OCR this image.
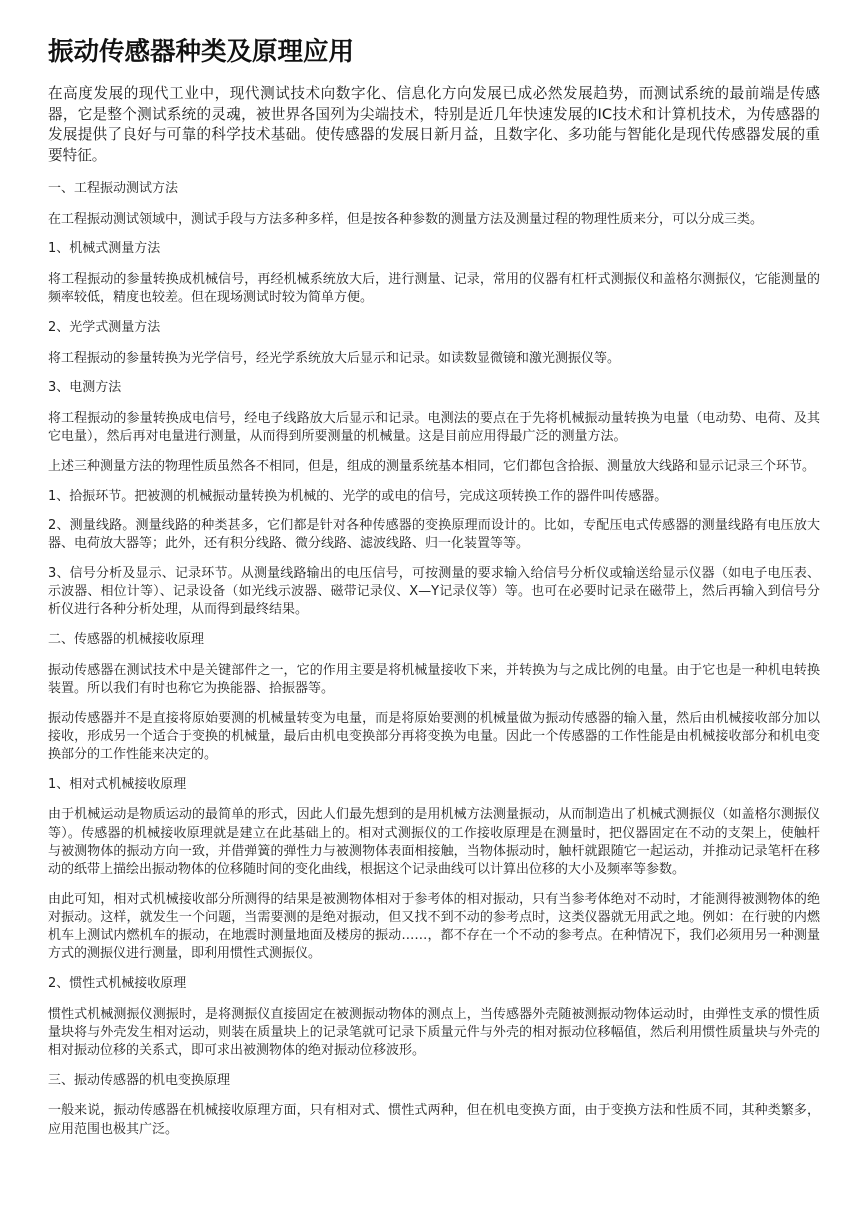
振动传感器种类及原理应用

在高度发展的现代工业中，现代测试技术向数字化、信息化方向发展已成必然发展趋势，而测试系统的最前端是传感器，它是整个测试系统的灵魂，被世界各国列为尖端技术，特别是近几年快速发展的IC技术和计算机技术，为传感器的发展提供了良好与可靠的科学技术基础。使传感器的发展日新月益，且数字化、多功能与智能化是现代传感器发展的重要特征。

一、工程振动测试方法

在工程振动测试领域中，测试手段与方法多种多样，但是按各种参数的测量方法及测量过程的物理性质来分，可以分成三类。

1、机械式测量方法

将工程振动的参量转换成机械信号，再经机械系统放大后，进行测量、记录，常用的仪器有杠杆式测振仪和盖格尔测振仪，它能测量的频率较低，精度也较差。但在现场测试时较为简单方便。

2、光学式测量方法

将工程振动的参量转换为光学信号，经光学系统放大后显示和记录。如读数显微镜和激光测振仪等。

3、电测方法

将工程振动的参量转换成电信号，经电子线路放大后显示和记录。电测法的要点在于先将机械振动量转换为电量（电动势、电荷、及其它电量），然后再对电量进行测量，从而得到所要测量的机械量。这是目前应用得最广泛的测量方法。

上述三种测量方法的物理性质虽然各不相同，但是，组成的测量系统基本相同，它们都包含拾振、测量放大线路和显示记录三个环节。

1、拾振环节。把被测的机械振动量转换为机械的、光学的或电的信号，完成这项转换工作的器件叫传感器。

2、测量线路。测量线路的种类甚多，它们都是针对各种传感器的变换原理而设计的。比如，专配压电式传感器的测量线路有电压放大器、电荷放大器等；此外，还有积分线路、微分线路、滤波线路、归一化装置等等。

3、信号分析及显示、记录环节。从测量线路输出的电压信号，可按测量的要求输入给信号分析仪或输送给显示仪器（如电子电压表、示波器、相位计等）、记录设备（如光线示波器、磁带记录仪、X—Y记录仪等）等。也可在必要时记录在磁带上，然后再输入到信号分析仪进行各种分析处理，从而得到最终结果。

二、传感器的机械接收原理

振动传感器在测试技术中是关键部件之一，它的作用主要是将机械量接收下来，并转换为与之成比例的电量。由于它也是一种机电转换装置。所以我们有时也称它为换能器、拾振器等。

振动传感器并不是直接将原始要测的机械量转变为电量，而是将原始要测的机械量做为振动传感器的输入量，然后由机械接收部分加以接收，形成另一个适合于变换的机械量，最后由机电变换部分再将变换为电量。因此一个传感器的工作性能是由机械接收部分和机电变换部分的工作性能来决定的。

1、相对式机械接收原理

由于机械运动是物质运动的最简单的形式，因此人们最先想到的是用机械方法测量振动，从而制造出了机械式测振仪（如盖格尔测振仪等）。传感器的机械接收原理就是建立在此基础上的。相对式测振仪的工作接收原理是在测量时，把仪器固定在不动的支架上，使触杆与被测物体的振动方向一致，并借弹簧的弹性力与被测物体表面相接触，当物体振动时，触杆就跟随它一起运动，并推动记录笔杆在移动的纸带上描绘出振动物体的位移随时间的变化曲线，根据这个记录曲线可以计算出位移的大小及频率等参数。

由此可知，相对式机械接收部分所测得的结果是被测物体相对于参考体的相对振动，只有当参考体绝对不动时，才能测得被测物体的绝对振动。这样，就发生一个问题，当需要测的是绝对振动，但又找不到不动的参考点时，这类仪器就无用武之地。例如：在行驶的内燃机车上测试内燃机车的振动，在地震时测量地面及楼房的振动……，都不存在一个不动的参考点。在种情况下，我们必须用另一种测量方式的测振仪进行测量，即利用惯性式测振仪。

2、惯性式机械接收原理

惯性式机械测振仪测振时，是将测振仪直接固定在被测振动物体的测点上，当传感器外壳随被测振动物体运动时，由弹性支承的惯性质量块将与外壳发生相对运动，则装在质量块上的记录笔就可记录下质量元件与外壳的相对振动位移幅值，然后利用惯性质量块与外壳的相对振动位移的关系式，即可求出被测物体的绝对振动位移波形。

三、振动传感器的机电变换原理

一般来说，振动传感器在机械接收原理方面，只有相对式、惯性式两种，但在机电变换方面，由于变换方法和性质不同，其种类繁多，应用范围也极其广泛。
